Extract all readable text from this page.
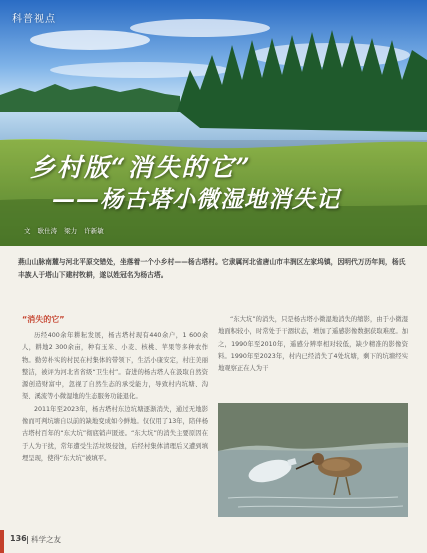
科普视点
乡村版“消失的它”
——杨古塔小微湿地消失记
文 耿仕涛 梁力 许新敏
燕山山脉南麓与河北平原交错处，坐落着一个小乡村——杨古塔村。它隶属河北省唐山市丰润区左家坞镇，因明代万历年间，杨氏丰族人于塔山下建村牧耕，遂以姓冠名为杨古塔。
“消失的它”

历经400余年耕耘发展，杨古塔村现有440余户，1 600余人，耕地2 300余亩，种有玉米、小麦、核桃、苹果等多种农作物。勤劳朴实的村民在村集体的带领下，生活小康安定，村庄美丽整洁，被评为河北省省级“卫生村”。奋进的杨古塔人在汲取自然资源创造财富中，忽视了自然生态的承受能力，导致村内坑塘、沟渠、溪流等小微湿地的生态服务功能退化。

2011年至2023年，杨古塔村东边坑塘逐渐消失，通过无地影像而可判坑塘自以前的缺地变成如今鲜地。仅仅用了13年，陪伴杨古塔村百年的“东大坑”彻底销声匿迹。“东大坑”的消失主要原因在于人为干扰，常年遭受生活垃圾侵蚀，后经村集体清理后又遭到填埋呈现，使得“东大坑”被填平。

“东大坑”的消失，只是杨古塔小微湿地消失的缩影，由于小微湿地面积较小，时常处于干涸状态，增加了遥感影像数据获取难度。加之，1990年至2010年，遥感分辨率相对较低，缺少精准的影像资料。1990年至2023年，村内已经消失了4处坑塘，剩下的坑塘经实地观察正在人为干

136 科学之友
